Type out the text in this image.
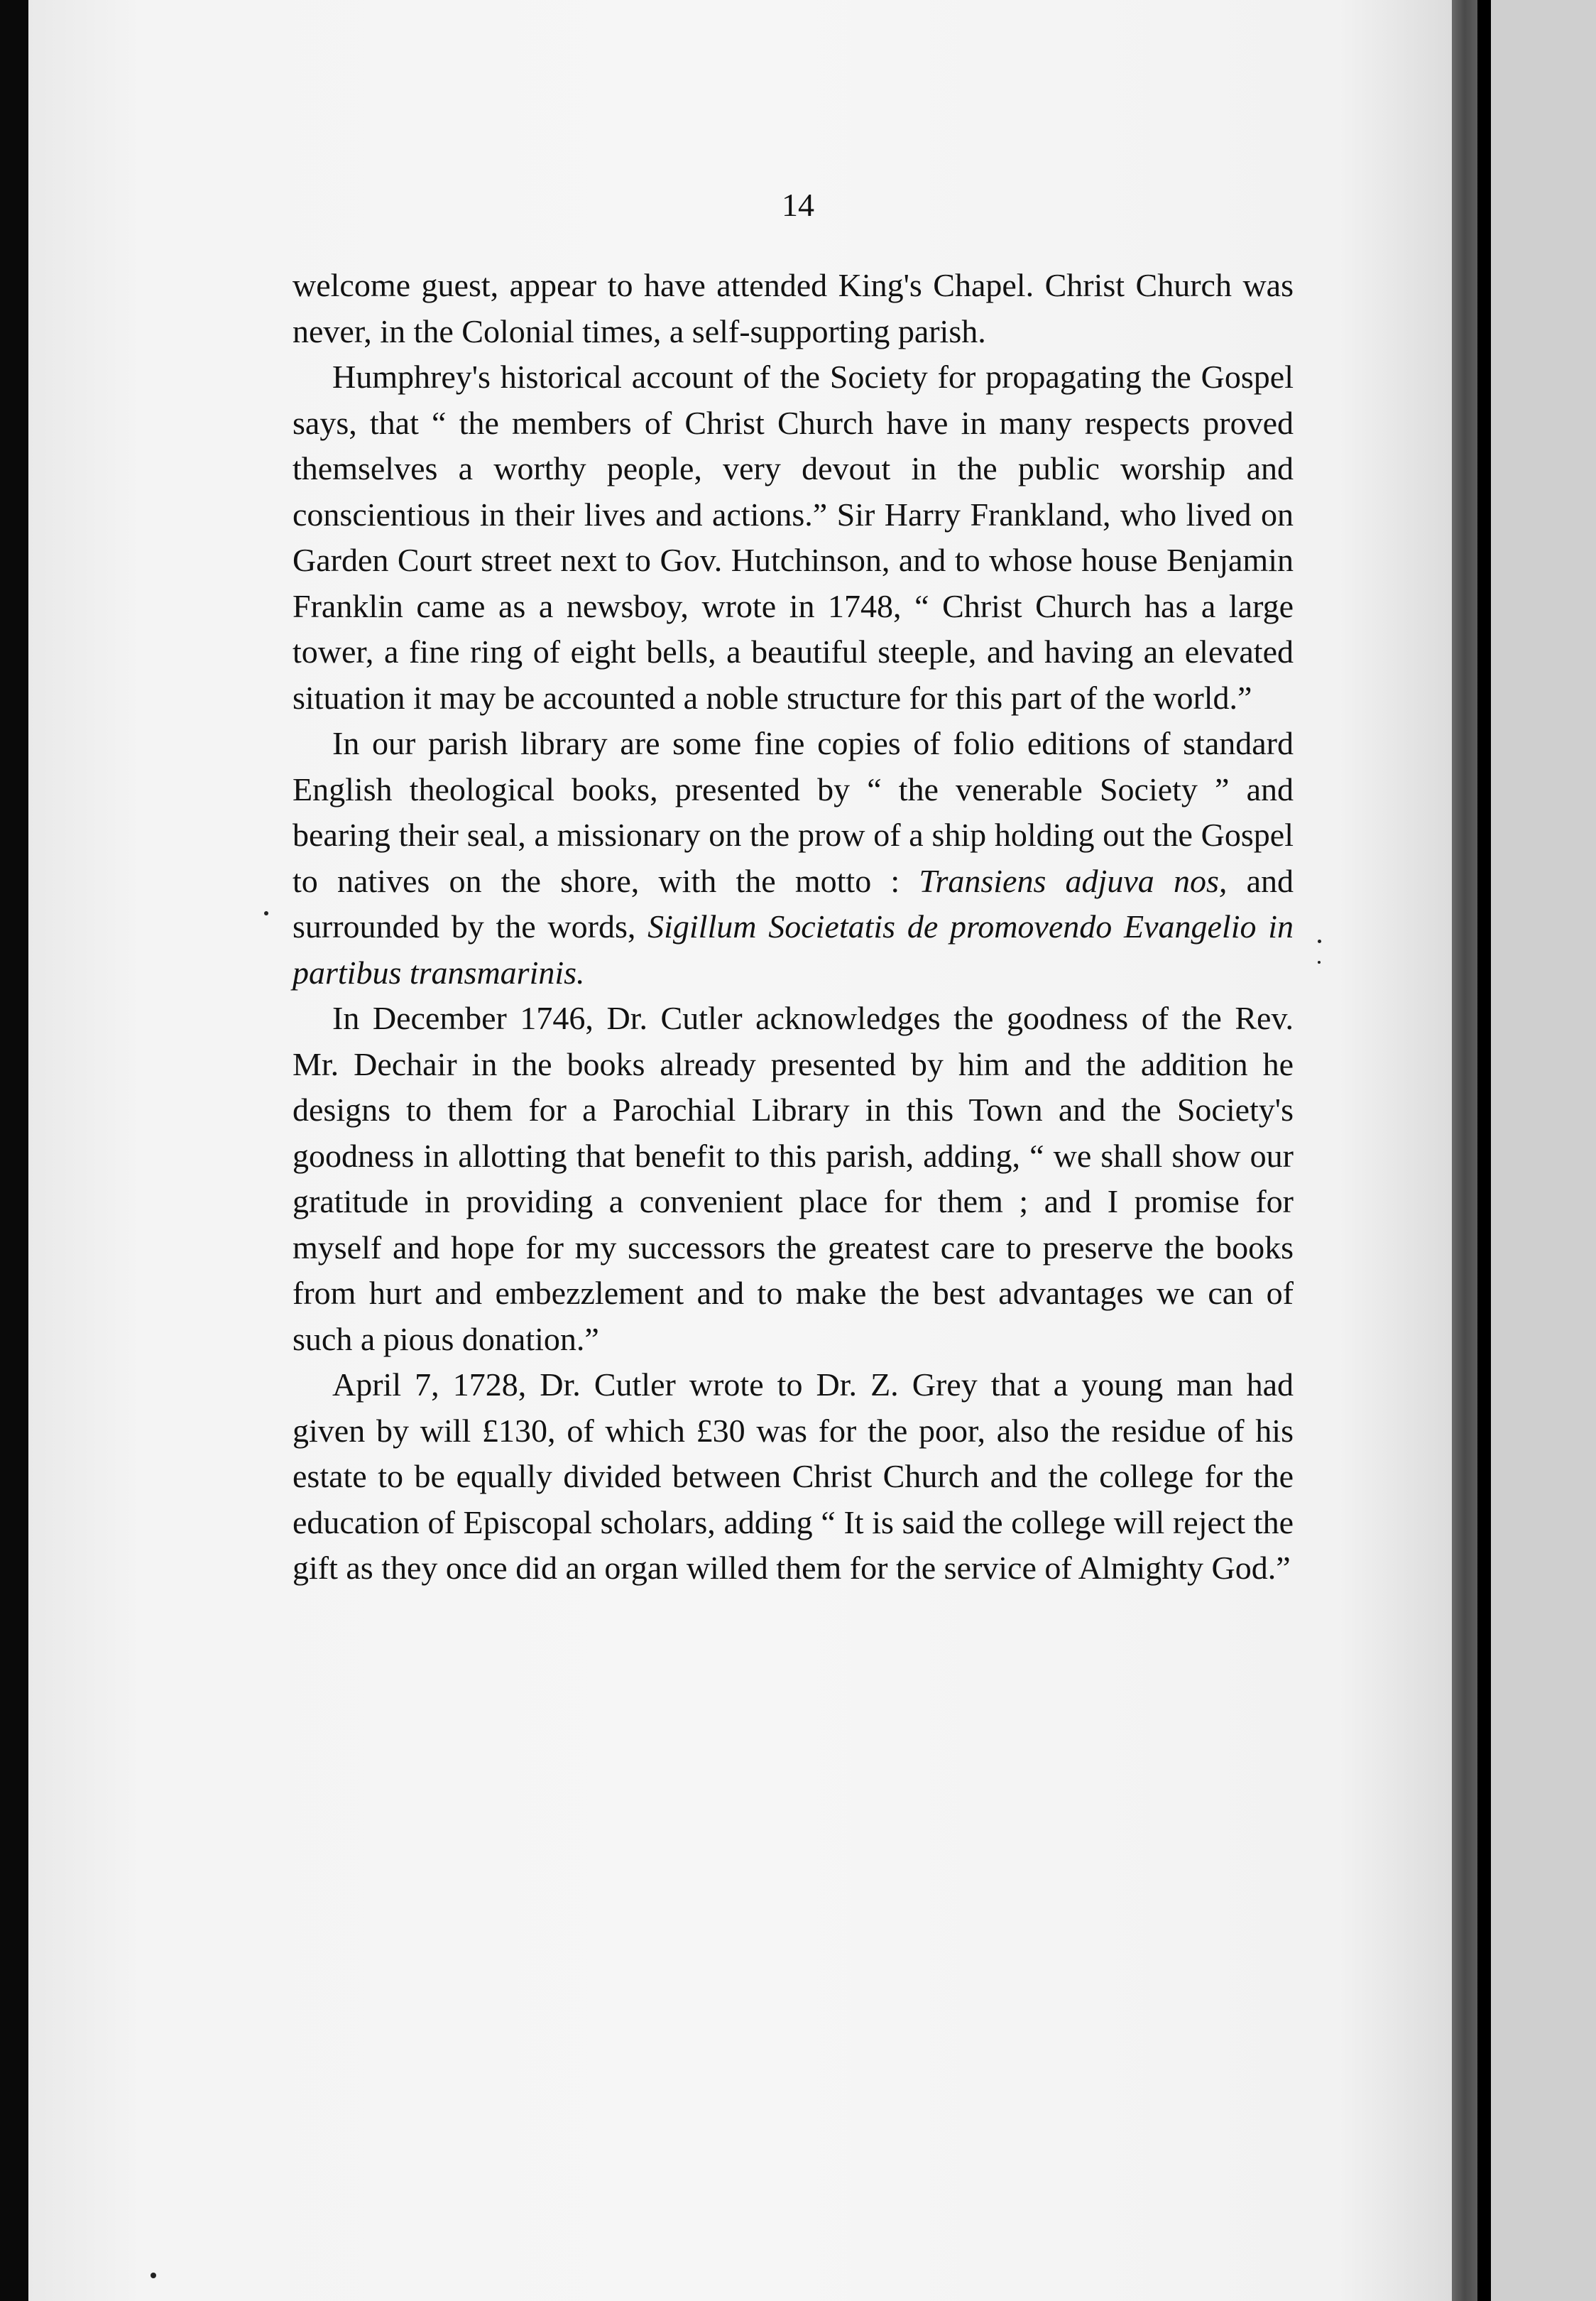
14

welcome guest, appear to have attended King's Chapel. Christ Church was never, in the Colonial times, a self-supporting parish.

Humphrey's historical account of the Society for propagating the Gospel says, that “ the members of Christ Church have in many respects proved themselves a worthy people, very devout in the public worship and conscientious in their lives and actions.” Sir Harry Frankland, who lived on Garden Court street next to Gov. Hutchinson, and to whose house Benjamin Franklin came as a newsboy, wrote in 1748, “ Christ Church has a large tower, a fine ring of eight bells, a beautiful steeple, and having an elevated situation it may be accounted a noble structure for this part of the world.”

In our parish library are some fine copies of folio editions of standard English theological books, presented by “ the venerable Society ” and bearing their seal, a missionary on the prow of a ship holding out the Gospel to natives on the shore, with the motto : Transiens adjuva nos, and surrounded by the words, Sigillum Societatis de promovendo Evangelio in partibus transmarinis.

In December 1746, Dr. Cutler acknowledges the goodness of the Rev. Mr. Dechair in the books already presented by him and the addition he designs to them for a Parochial Library in this Town and the Society's goodness in allotting that benefit to this parish, adding, “ we shall show our gratitude in providing a convenient place for them ; and I promise for myself and hope for my successors the greatest care to preserve the books from hurt and embezzlement and to make the best advantages we can of such a pious donation.”

April 7, 1728, Dr. Cutler wrote to Dr. Z. Grey that a young man had given by will £130, of which £30 was for the poor, also the residue of his estate to be equally divided between Christ Church and the college for the education of Episcopal scholars, adding “ It is said the college will reject the gift as they once did an organ willed them for the service of Almighty God.”
